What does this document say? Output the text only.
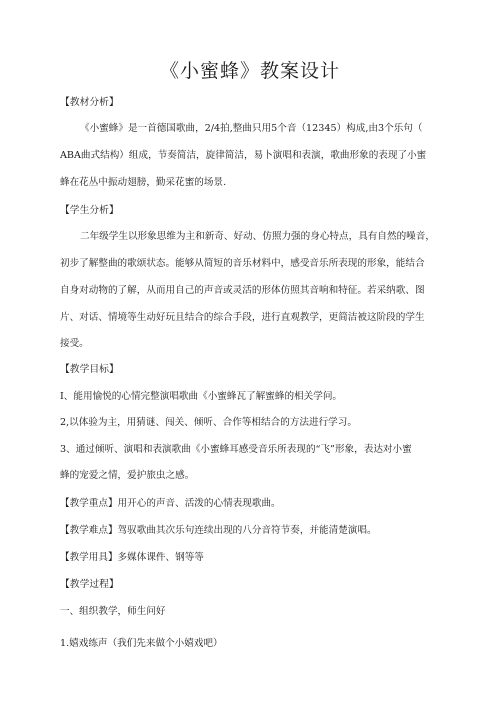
《小蜜蜂》教案设计
【教材分析】
《小蜜蜂》是一首德国歌曲，2/4拍,整曲只用5个音（12345）构成,由3个乐句（
ABA曲式结构）组成，节奏简洁，旋律简洁，易卜演唱和表演，歌曲形象的表现了小蜜
蜂在花丛中振动翅膀，勤采花蜜的场景.
【学生分析】
二年级学生以形象思维为主和新奇、好动、仿照力强的身心特点，具有自然的噪音，
初步了解整曲的歌颂状态。能够从简短的音乐材料中，感受音乐所表现的形象，能结合
自身对动物的了解，从而用自己的声音或灵活的形体仿照其音响和特征。若采纳歌、图
片、对话、情境等生动好玩且结合的综合手段，进行直观教学，更简洁被这阶段的学生
接受。
【教学目标】
I、能用愉悦的心情完整演唱歌曲《小蜜蜂瓦了解蜜蜂的相关学问。
2,以体验为主，用猜谜、闯关、倾听、合作等相结合的方法进行学习。
3、通过倾听、演唱和表演歌曲《小蜜蜂耳感受音乐所表现的“飞”形象，表达对小蜜
蜂的宠爱之情，爱护旅虫之感。
【教学重点】用开心的声音、活泼的心情表现歌曲。
【教学难点】驾驭歌曲其次乐句连续出现的八分音符节奏，并能清楚演唱。
【教学用具】多媒体课件、钢等等
【教学过程】
一、组织教学，师生问好
1.嬉戏练声（我们先来做个小嬉戏吧）
